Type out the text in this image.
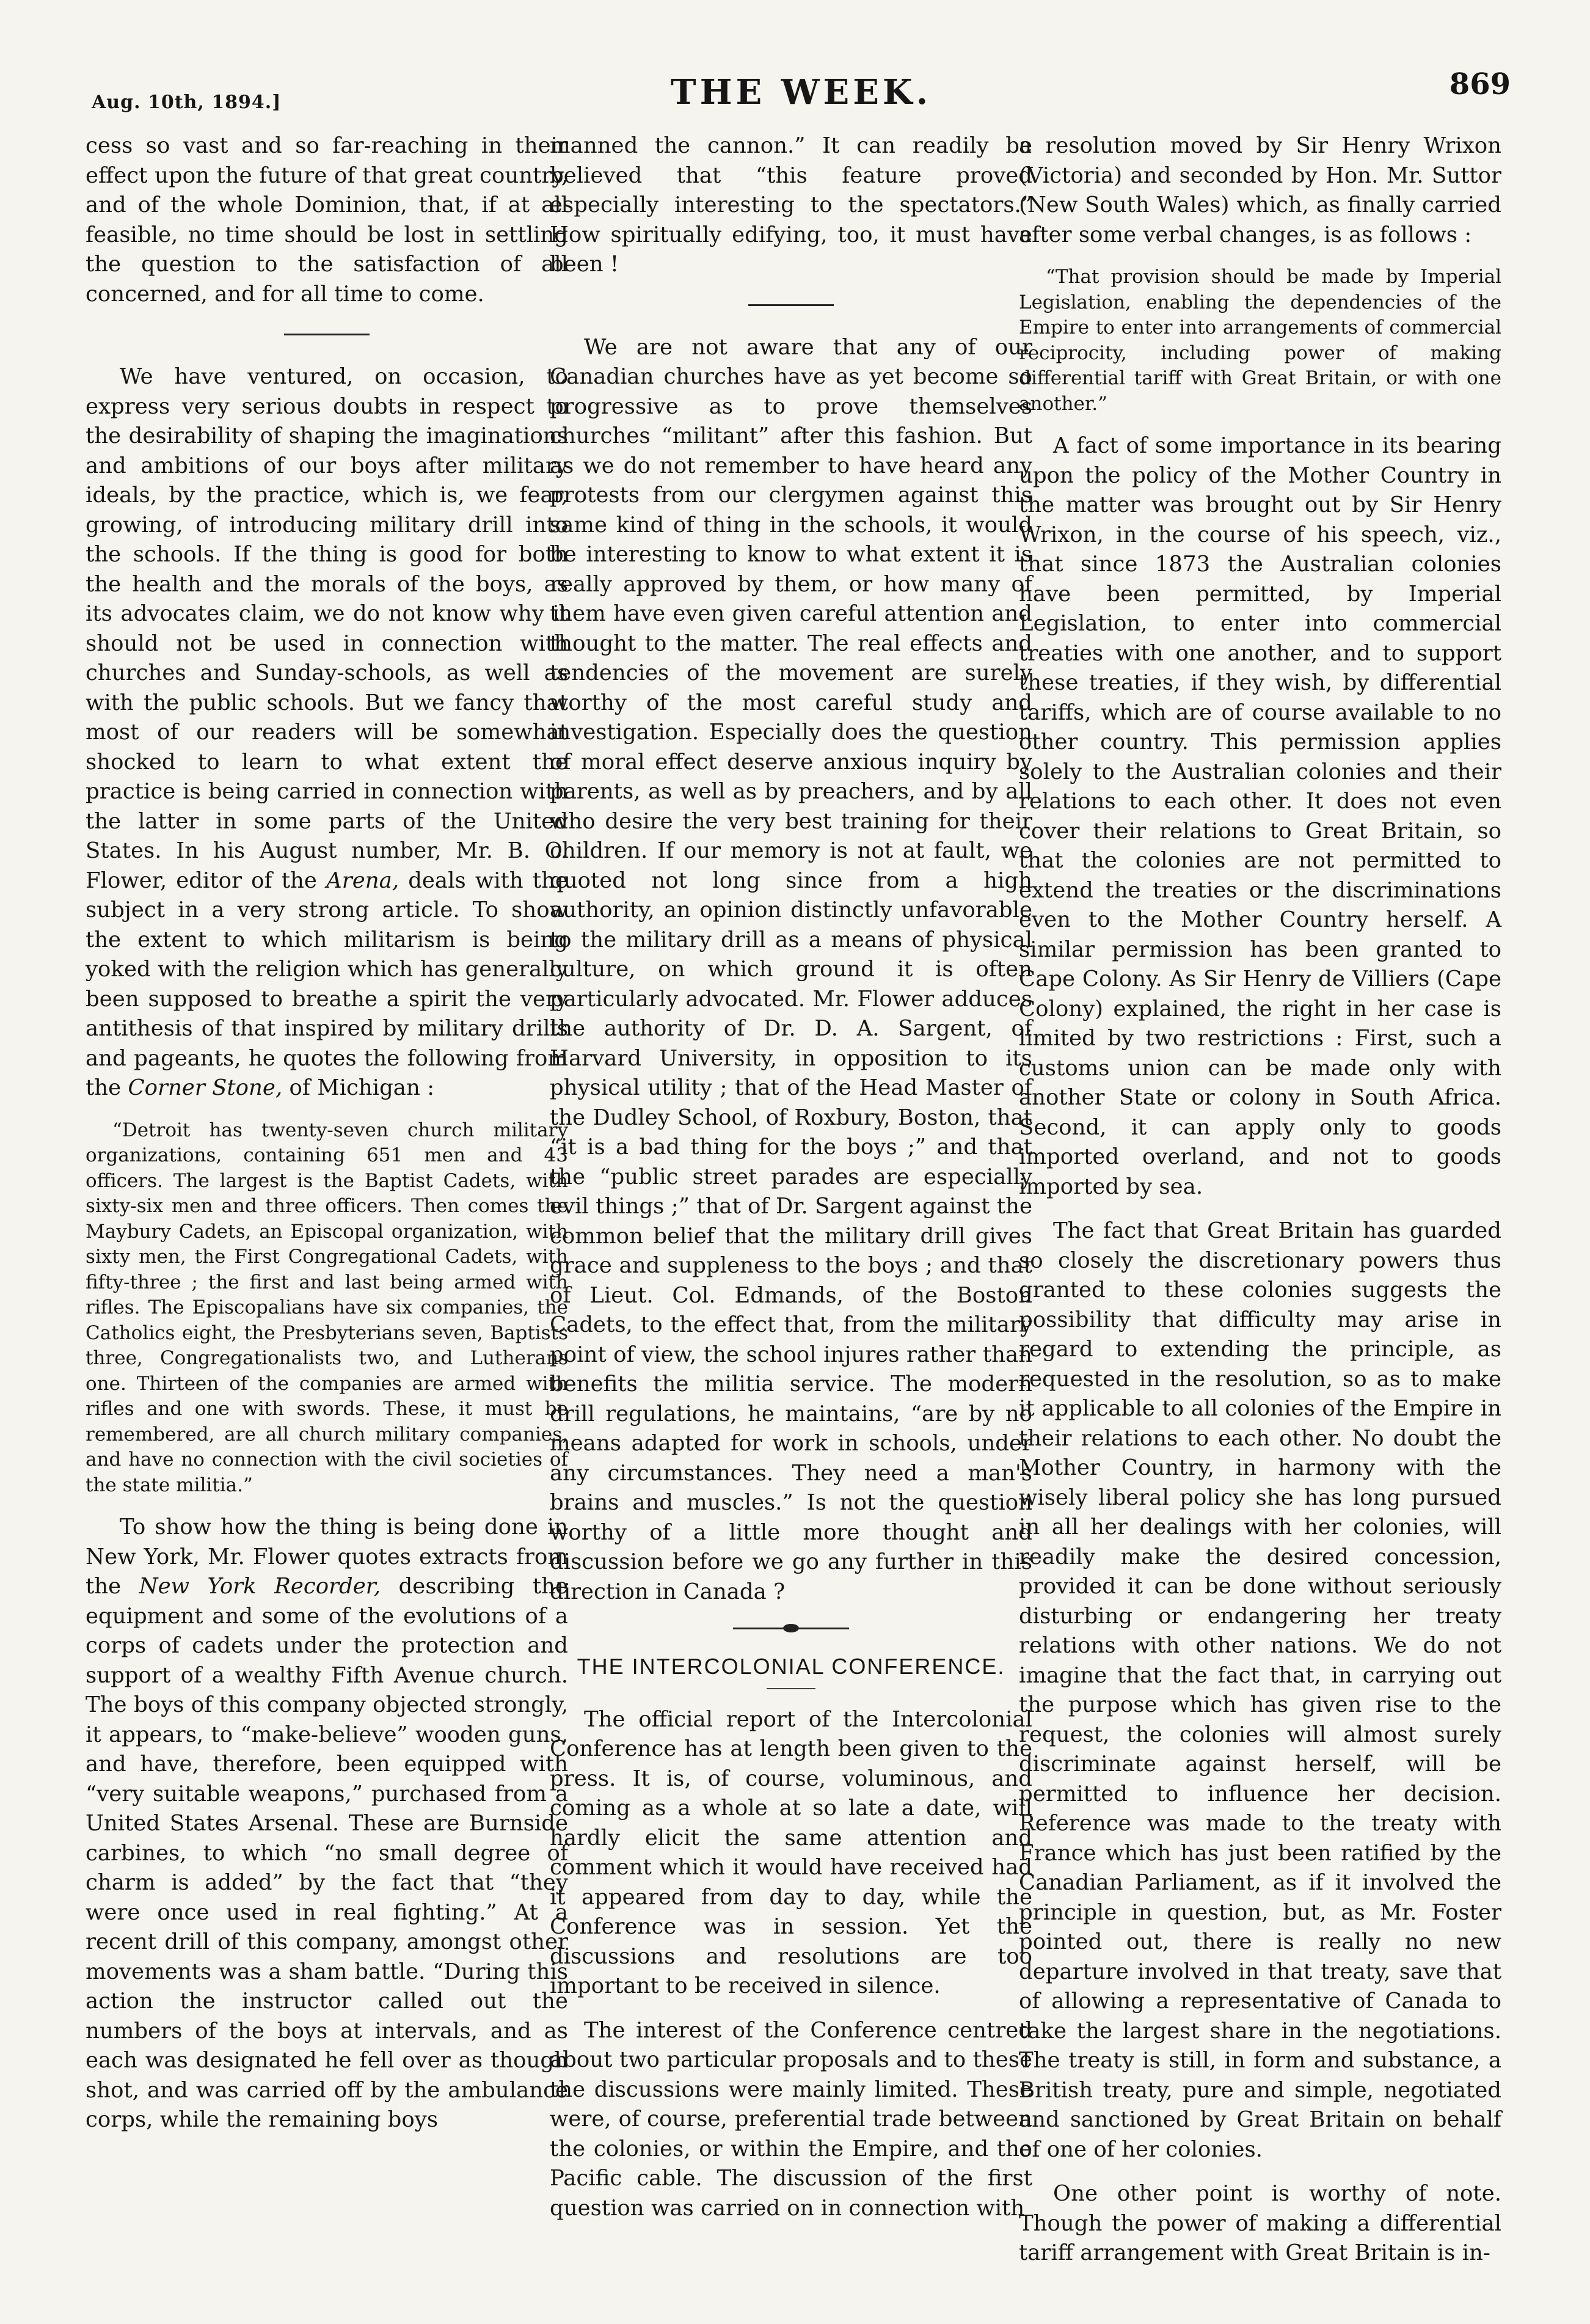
Aug. 10th, 1894.]	THE WEEK.	869

cess so vast and so far-reaching in their effect upon the future of that great country, and of the whole Dominion, that, if at all feasible, no time should be lost in settling the question to the satisfaction of all concerned, and for all time to come.

We have ventured, on occasion, to express very serious doubts in respect to the desirability of shaping the imaginations and ambitions of our boys after military ideals, by the practice, which is, we fear, growing, of introducing military drill into the schools. If the thing is good for both the health and the morals of the boys, as its advocates claim, we do not know why it should not be used in connection with churches and Sunday-schools, as well as with the public schools. But we fancy that most of our readers will be somewhat shocked to learn to what extent the practice is being carried in connection with the latter in some parts of the United States. In his August number, Mr. B. O. Flower, editor of the Arena, deals with the subject in a very strong article. To show the extent to which militarism is being yoked with the religion which has generally been supposed to breathe a spirit the very antithesis of that inspired by military drills and pageants, he quotes the following from the Corner Stone, of Michigan :

“Detroit has twenty-seven church military organizations, containing 651 men and 43 officers. The largest is the Baptist Cadets, with sixty-six men and three officers. Then comes the Maybury Cadets, an Episcopal organization, with sixty men, the First Congregational Cadets, with fifty-three ; the first and last being armed with rifles. The Episcopalians have six companies, the Catholics eight, the Presbyterians seven, Baptists three, Congregationalists two, and Lutherans one. Thirteen of the companies are armed with rifles and one with swords. These, it must be remembered, are all church military companies, and have no connection with the civil societies of the state militia.”

To show how the thing is being done in New York, Mr. Flower quotes extracts from the New York Recorder, describing the equipment and some of the evolutions of a corps of cadets under the protection and support of a wealthy Fifth Avenue church. The boys of this company objected strongly, it appears, to “make-believe” wooden guns, and have, therefore, been equipped with “very suitable weapons,” purchased from a United States Arsenal. These are Burnside carbines, to which “no small degree of charm is added” by the fact that “they were once used in real fighting.” At a recent drill of this company, amongst other movements was a sham battle. “During this action the instructor called out the numbers of the boys at intervals, and as each was designated he fell over as though shot, and was carried off by the ambulance corps, while the remaining boys

manned the cannon.” It can readily be believed that “this feature proved especially interesting to the spectators.” How spiritually edifying, too, it must have been !

We are not aware that any of our Canadian churches have as yet become so progressive as to prove themselves churches “militant” after this fashion. But as we do not remember to have heard any protests from our clergymen against this same kind of thing in the schools, it would be interesting to know to what extent it is really approved by them, or how many of them have even given careful attention and thought to the matter. The real effects and tendencies of the movement are surely worthy of the most careful study and investigation. Especially does the question of moral effect deserve anxious inquiry by parents, as well as by preachers, and by all who desire the very best training for their children. If our memory is not at fault, we quoted not long since from a high authority, an opinion distinctly unfavorable to the military drill as a means of physical culture, on which ground it is often particularly advocated. Mr. Flower adduces the authority of Dr. D. A. Sargent, of Harvard University, in opposition to its physical utility ; that of the Head Master of the Dudley School, of Roxbury, Boston, that “it is a bad thing for the boys ;” and that the “public street parades are especially evil things ;” that of Dr. Sargent against the common belief that the military drill gives grace and suppleness to the boys ; and that of Lieut. Col. Edmands, of the Boston Cadets, to the effect that, from the military point of view, the school injures rather than benefits the militia service. The modern drill regulations, he maintains, “are by no means adapted for work in schools, under any circumstances. They need a man's brains and muscles.” Is not the question worthy of a little more thought and discussion before we go any further in this direction in Canada ?

THE INTERCOLONIAL CONFERENCE.

The official report of the Intercolonial Conference has at length been given to the press. It is, of course, voluminous, and coming as a whole at so late a date, will hardly elicit the same attention and comment which it would have received had it appeared from day to day, while the Conference was in session. Yet the discussions and resolutions are too important to be received in silence.

The interest of the Conference centred about two particular proposals and to these the discussions were mainly limited. These were, of course, preferential trade between the colonies, or within the Empire, and the Pacific cable. The discussion of the first question was carried on in connection with

a resolution moved by Sir Henry Wrixon (Victoria) and seconded by Hon. Mr. Suttor (New South Wales) which, as finally carried after some verbal changes, is as follows :

“That provision should be made by Imperial Legislation, enabling the dependencies of the Empire to enter into arrangements of commercial reciprocity, including power of making differential tariff with Great Britain, or with one another.”

A fact of some importance in its bearing upon the policy of the Mother Country in the matter was brought out by Sir Henry Wrixon, in the course of his speech, viz., that since 1873 the Australian colonies have been permitted, by Imperial Legislation, to enter into commercial treaties with one another, and to support these treaties, if they wish, by differential tariffs, which are of course available to no other country. This permission applies solely to the Australian colonies and their relations to each other. It does not even cover their relations to Great Britain, so that the colonies are not permitted to extend the treaties or the discriminations even to the Mother Country herself. A similar permission has been granted to Cape Colony. As Sir Henry de Villiers (Cape Colony) explained, the right in her case is limited by two restrictions : First, such a customs union can be made only with another State or colony in South Africa. Second, it can apply only to goods imported overland, and not to goods imported by sea.

The fact that Great Britain has guarded so closely the discretionary powers thus granted to these colonies suggests the possibility that difficulty may arise in regard to extending the principle, as requested in the resolution, so as to make it applicable to all colonies of the Empire in their relations to each other. No doubt the Mother Country, in harmony with the wisely liberal policy she has long pursued in all her dealings with her colonies, will readily make the desired concession, provided it can be done without seriously disturbing or endangering her treaty relations with other nations. We do not imagine that the fact that, in carrying out the purpose which has given rise to the request, the colonies will almost surely discriminate against herself, will be permitted to influence her decision. Reference was made to the treaty with France which has just been ratified by the Canadian Parliament, as if it involved the principle in question, but, as Mr. Foster pointed out, there is really no new departure involved in that treaty, save that of allowing a representative of Canada to take the largest share in the negotiations. The treaty is still, in form and substance, a British treaty, pure and simple, negotiated and sanctioned by Great Britain on behalf of one of her colonies.

One other point is worthy of note. Though the power of making a differential tariff arrangement with Great Britain is in-
